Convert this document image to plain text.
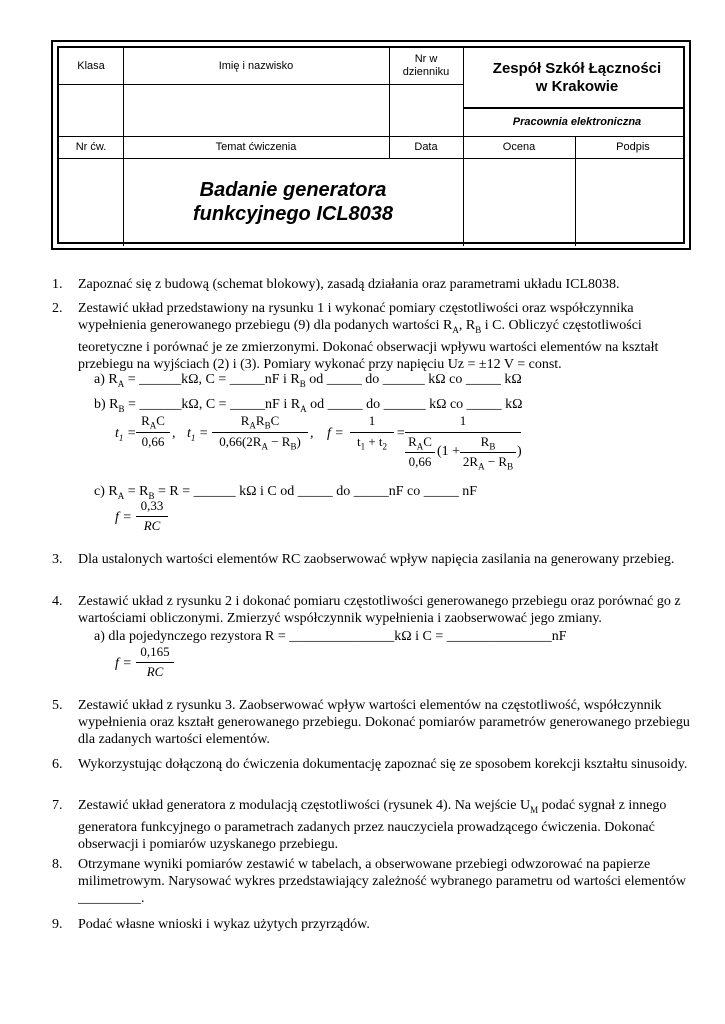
Klasa	Imię i nazwisko
Nr w
dzienniku	Zespół Szkół Łączności
w Krakowie
Pracownia elektroniczna
Nr ćw.	Temat ćwiczenia	Data	Ocena	Podpis
Badanie generatora
funkcyjnego ICL8038
1. Zapoznać się z budową (schemat blokowy), zasadą działania oraz parametrami układu ICL8038.
2. Zestawić układ przedstawiony na rysunku 1 i wykonać pomiary częstotliwości oraz współczynnika wypełnienia generowanego przebiegu (9) dla podanych wartości $R_A$, $R_B$ i C. Obliczyć częstotliwości teoretyczne i porównać je ze zmierzonymi. Dokonać obserwacji wpływu wartości elementów na kształt przebiegu na wyjściach (2) i (3). Pomiary wykonać przy napięciu Uz = ±12 V = const.
a) $R_A$ = ______kΩ, C = _____nF i $R_B$ od _____ do ______ kΩ co _____ kΩ
b) $R_B$ = ______kΩ, C = _____nF i $R_A$ od _____ do ______ kΩ co _____ kΩ
$t_1$ =
$R_AC$
0,66
, $t_1$ =
$R_AR_BC$
$0,66(2R_A - R_B)$
, f =
1
$t_1 + t_2$
=
1
$R_AC$
0,66
(1 +
$R_B$
$2R_A - R_B$
)
c) $R_A = R_B = R$ = ______ kΩ i C od _____ do _____nF co _____ nF
f =
0,33
RC
3. Dla ustalonych wartości elementów RC zaobserwować wpływ napięcia zasilania na generowany przebieg.
4. Zestawić układ z rysunku 2 i dokonać pomiaru częstotliwości generowanego przebiegu oraz porównać go z wartościami obliczonymi. Zmierzyć współczynnik wypełnienia i zaobserwować jego zmiany.
a) dla pojedynczego rezystora R = _______________kΩ i C = _______________nF
f =
0,165
RC
5. Zestawić układ z rysunku 3. Zaobserwować wpływ wartości elementów na częstotliwość, współczynnik wypełnienia oraz kształt generowanego przebiegu. Dokonać pomiarów parametrów generowanego przebiegu dla zadanych wartości elementów.
6. Wykorzystując dołączoną do ćwiczenia dokumentację zapoznać się ze sposobem korekcji kształtu sinusoidy.
7. Zestawić układ generatora z modulacją częstotliwości (rysunek 4). Na wejście $U_M$ podać sygnał z innego generatora funkcyjnego o parametrach zadanych przez nauczyciela prowadzącego ćwiczenia. Dokonać obserwacji i pomiarów uzyskanego przebiegu.
8. Otrzymane wyniki pomiarów zestawić w tabelach, a obserwowane przebiegi odwzorować na papierze milimetrowym. Narysować wykres przedstawiający zależność wybranego parametru od wartości elementów _________.
9. Podać własne wnioski i wykaz użytych przyrządów.
